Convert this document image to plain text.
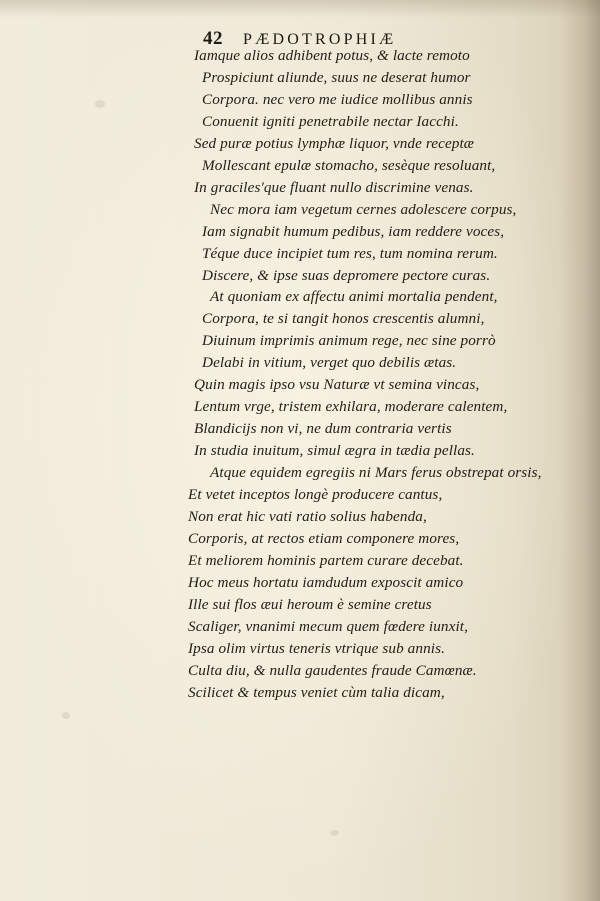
42 PÆDOTROPHIÆ
Iamque alios adhibent potus, & lacte remoto
Prospiciunt aliunde, suus ne deserat humor
Corpora. nec vero me iudice mollibus annis
Conuenit igniti penetrabile nectar Iacchi.
Sed puræ potius lymphæ liquor, vnde receptæ
Mollescant epulæ stomacho, sesèque resoluant,
In graciles'que fluant nullo discrimine venas.
Nec mora iam vegetum cernes adolescere corpus,
Iam signabit humum pedibus, iam reddere voces,
Téque duce incipiet tum res, tum nomina rerum.
Discere, & ipse suas depromere pectore curas.
At quoniam ex affectu animi mortalia pendent,
Corpora, te si tangit honos crescentis alumni,
Diuinum imprimis animum rege, nec sine porrò
Delabi in vitium, verget quo debilis ætas.
Quin magis ipso vsu Naturæ vt semina vincas,
Lentum vrge, tristem exhilara, moderare calentem,
Blandicijs non vi, ne dum contraria vertis
In studia inuitum, simul ægra in tædia pellas.
Atque equidem egregiis ni Mars ferus obstrepat orsis,
Et vetet inceptos longè producere cantus,
Non erat hic vati ratio solius habenda,
Corporis, at rectos etiam componere mores,
Et meliorem hominis partem curare decebat.
Hoc meus hortatu iamdudum exposcit amico
Ille sui flos æui heroum è semine cretus
Scaliger, vnanimi mecum quem fœdere iunxit,
Ipsa olim virtus teneris vtrique sub annis.
Culta diu, & nulla gaudentes fraude Camœnæ.
Scilicet & tempus veniet cùm talia dicam,
